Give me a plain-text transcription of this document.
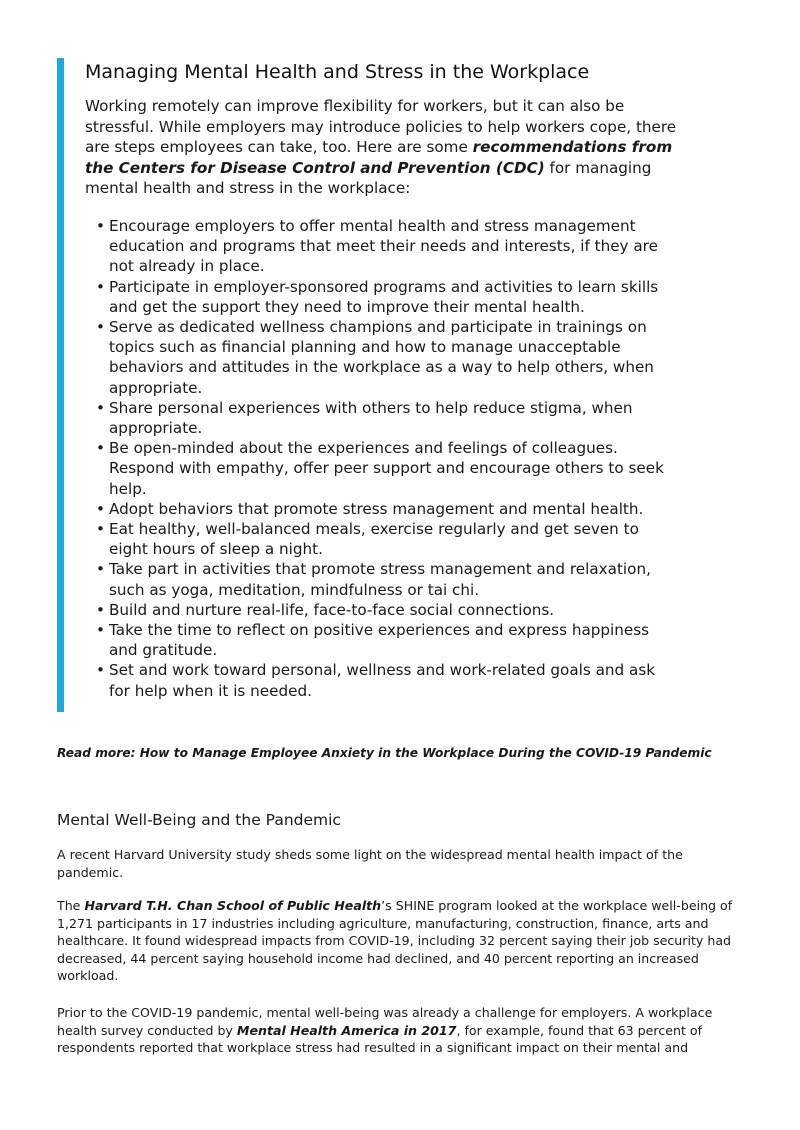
Managing Mental Health and Stress in the Workplace

Working remotely can improve flexibility for workers, but it can also be stressful. While employers may introduce policies to help workers cope, there are steps employees can take, too. Here are some recommendations from the Centers for Disease Control and Prevention (CDC) for managing mental health and stress in the workplace:

• Encourage employers to offer mental health and stress management education and programs that meet their needs and interests, if they are not already in place.
• Participate in employer-sponsored programs and activities to learn skills and get the support they need to improve their mental health.
• Serve as dedicated wellness champions and participate in trainings on topics such as financial planning and how to manage unacceptable behaviors and attitudes in the workplace as a way to help others, when appropriate.
• Share personal experiences with others to help reduce stigma, when appropriate.
• Be open-minded about the experiences and feelings of colleagues. Respond with empathy, offer peer support and encourage others to seek help.
• Adopt behaviors that promote stress management and mental health.
• Eat healthy, well-balanced meals, exercise regularly and get seven to eight hours of sleep a night.
• Take part in activities that promote stress management and relaxation, such as yoga, meditation, mindfulness or tai chi.
• Build and nurture real-life, face-to-face social connections.
• Take the time to reflect on positive experiences and express happiness and gratitude.
• Set and work toward personal, wellness and work-related goals and ask for help when it is needed.

Read more: How to Manage Employee Anxiety in the Workplace During the COVID-19 Pandemic

Mental Well-Being and the Pandemic

A recent Harvard University study sheds some light on the widespread mental health impact of the pandemic.

The Harvard T.H. Chan School of Public Health’s SHINE program looked at the workplace well-being of 1,271 participants in 17 industries including agriculture, manufacturing, construction, finance, arts and healthcare. It found widespread impacts from COVID-19, including 32 percent saying their job security had decreased, 44 percent saying household income had declined, and 40 percent reporting an increased workload.

Prior to the COVID-19 pandemic, mental well-being was already a challenge for employers. A workplace health survey conducted by Mental Health America in 2017, for example, found that 63 percent of respondents reported that workplace stress had resulted in a significant impact on their mental and
